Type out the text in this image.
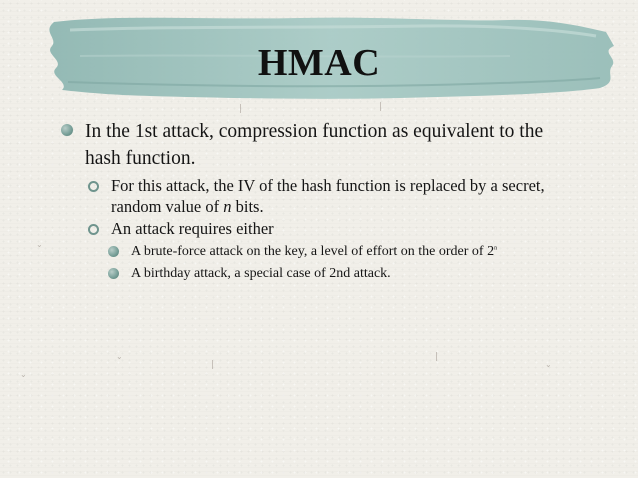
⌄
⌄
⌄
⌄
HMAC
In the 1st attack, compression function as equivalent to the
hash function.
For this attack, the IV of the hash function is replaced by a secret,
random value of n bits.
An attack requires either
A brute-force attack on the key, a level of effort on the order of 2$^n$
A birthday attack, a special case of 2nd attack.
